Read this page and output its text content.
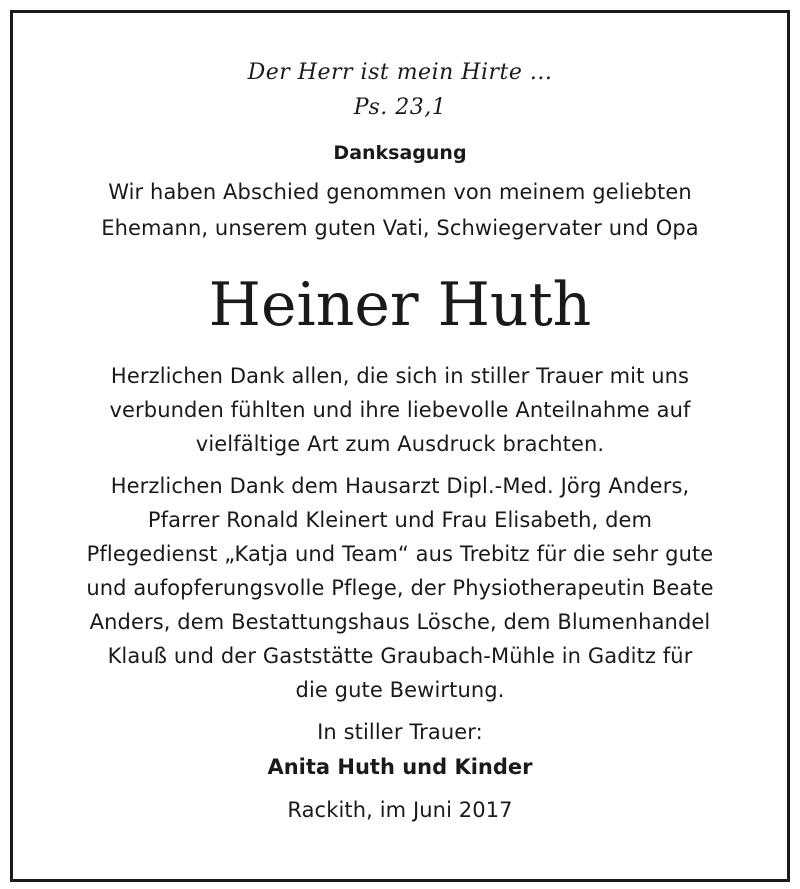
Der Herr ist mein Hirte ...
Ps. 23,1
Danksagung
Wir haben Abschied genommen von meinem geliebten
Ehemann, unserem guten Vati, Schwiegervater und Opa
Heiner Huth
Herzlichen Dank allen, die sich in stiller Trauer mit uns
verbunden fühlten und ihre liebevolle Anteilnahme auf
vielfältige Art zum Ausdruck brachten.
Herzlichen Dank dem Hausarzt Dipl.-Med. Jörg Anders,
Pfarrer Ronald Kleinert und Frau Elisabeth, dem
Pflegedienst „Katja und Team“ aus Trebitz für die sehr gute
und aufopferungsvolle Pflege, der Physiotherapeutin Beate
Anders, dem Bestattungshaus Lösche, dem Blumenhandel
Klauß und der Gaststätte Graubach-Mühle in Gaditz für
die gute Bewirtung.
In stiller Trauer:
Anita Huth und Kinder
Rackith, im Juni 2017
